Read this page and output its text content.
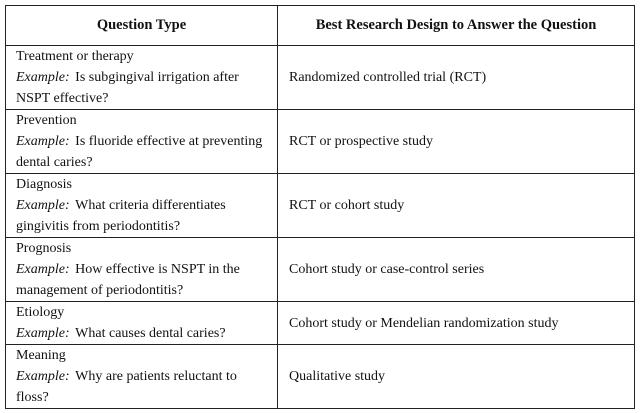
Question Type	Best Research Design to Answer the Question

Treatment or therapy
Example: Is subgingival irrigation after NSPT effective?	Randomized controlled trial (RCT)

Prevention
Example: Is fluoride effective at preventing dental caries?	RCT or prospective study

Diagnosis
Example: What criteria differentiates gingivitis from periodontitis?	RCT or cohort study

Prognosis
Example: How effective is NSPT in the management of periodontitis?	Cohort study or case-control series

Etiology
Example: What causes dental caries?	Cohort study or Mendelian randomization study

Meaning
Example: Why are patients reluctant to floss?	Qualitative study
